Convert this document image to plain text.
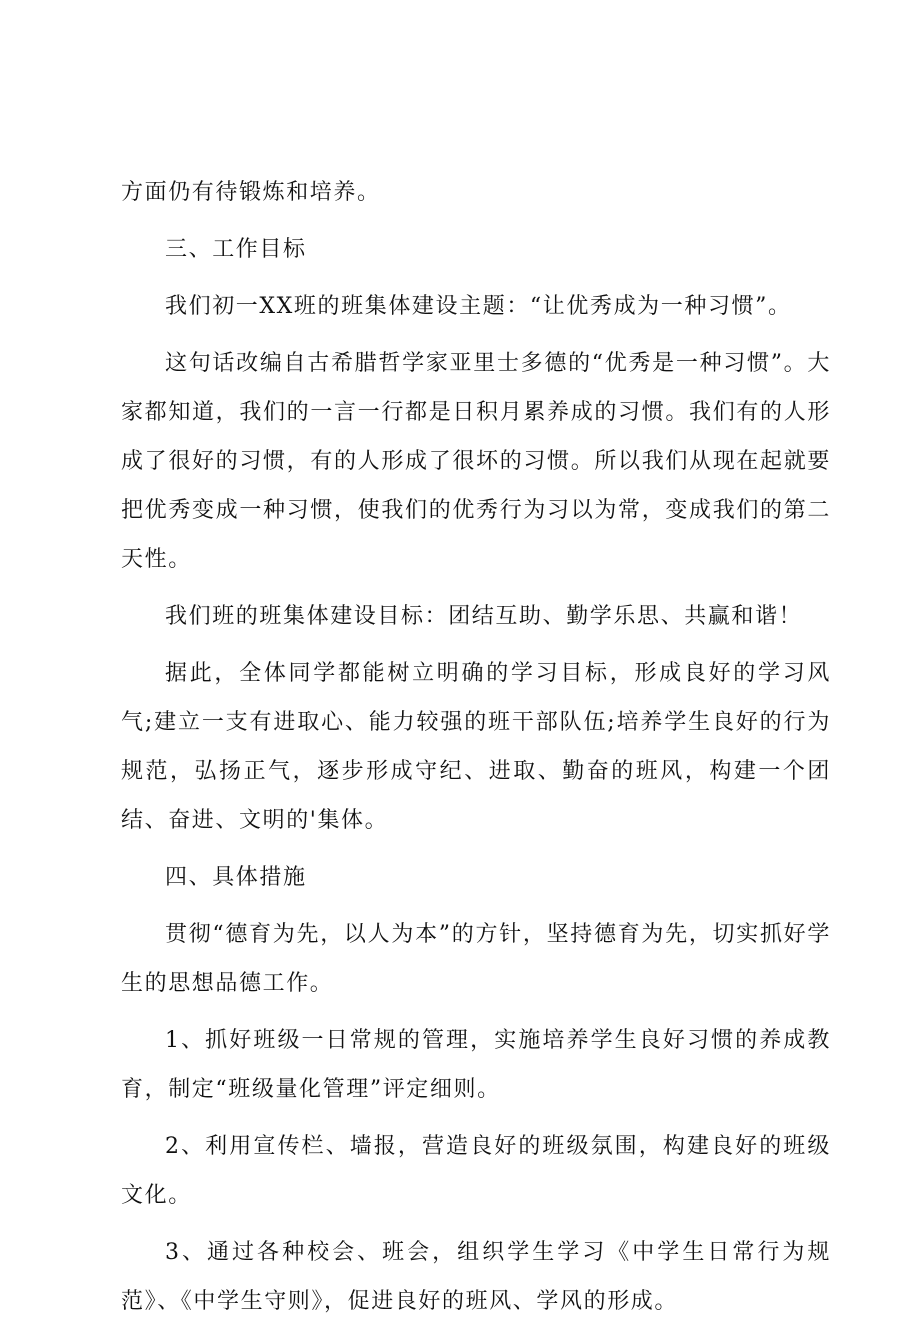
方面仍有待锻炼和培养。

三、工作目标

我们初一XX班的班集体建设主题：“让优秀成为一种习惯”。

这句话改编自古希腊哲学家亚里士多德的“优秀是一种习惯”。大家都知道，我们的一言一行都是日积月累养成的习惯。我们有的人形成了很好的习惯，有的人形成了很坏的习惯。所以我们从现在起就要把优秀变成一种习惯，使我们的优秀行为习以为常，变成我们的第二天性。

我们班的班集体建设目标：团结互助、勤学乐思、共赢和谐！

据此，全体同学都能树立明确的学习目标，形成良好的学习风气;建立一支有进取心、能力较强的班干部队伍;培养学生良好的行为规范，弘扬正气，逐步形成守纪、进取、勤奋的班风，构建一个团结、奋进、文明的'集体。

四、具体措施

贯彻“德育为先，以人为本”的方针，坚持德育为先，切实抓好学生的思想品德工作。

1、抓好班级一日常规的管理，实施培养学生良好习惯的养成教育，制定“班级量化管理”评定细则。

2、利用宣传栏、墙报，营造良好的班级氛围，构建良好的班级文化。

3、通过各种校会、班会，组织学生学习《中学生日常行为规范》、《中学生守则》，促进良好的班风、学风的形成。
